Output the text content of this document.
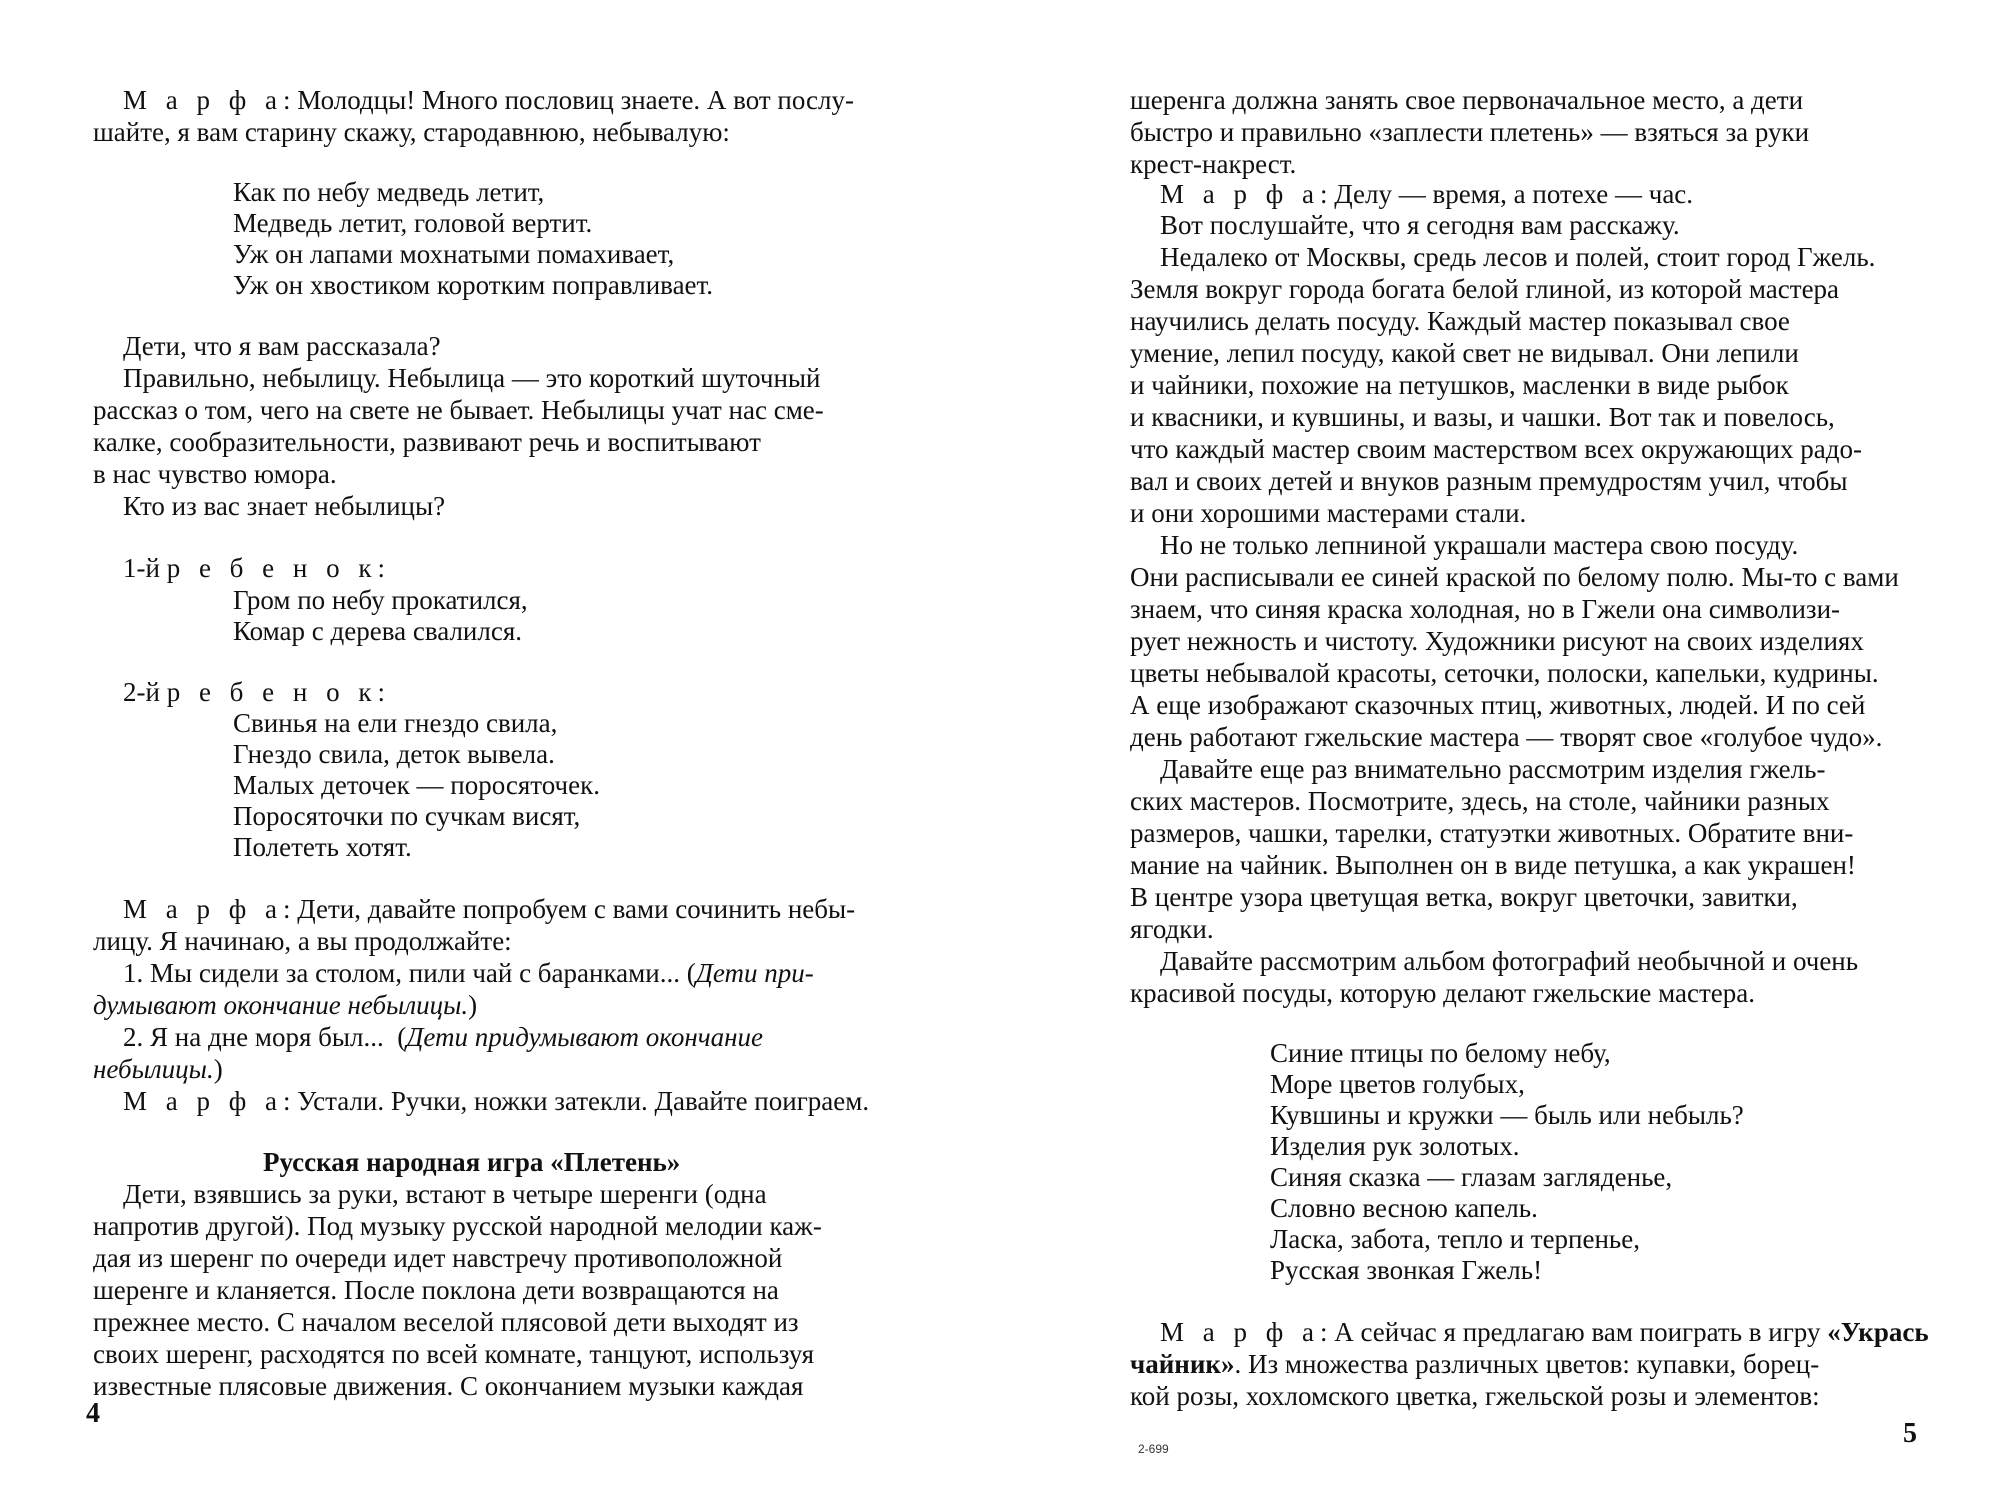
М а р ф а: Молодцы! Много пословиц знаете. А вот послу-
шайте, я вам старину скажу, стародавнюю, небывалую:
Как по небу медведь летит,
Медведь летит, головой вертит.
Уж он лапами мохнатыми помахивает,
Уж он хвостиком коротким поправливает.
Дети, что я вам рассказала?
Правильно, небылицу. Небылица — это короткий шуточный
рассказ о том, чего на свете не бывает. Небылицы учат нас сме-
калке, сообразительности, развивают речь и воспитывают
в нас чувство юмора.
Кто из вас знает небылицы?
1-й р е б е н о к:
Гром по небу прокатился,
Комар с дерева свалился.
2-й р е б е н о к:
Свинья на ели гнездо свила,
Гнездо свила, деток вывела.
Малых деточек — поросяточек.
Поросяточки по сучкам висят,
Полететь хотят.
М а р ф а: Дети, давайте попробуем с вами сочинить небы-
лицу. Я начинаю, а вы продолжайте:
1. Мы сидели за столом, пили чай с баранками... (Дети при-
думывают окончание небылицы.)
2. Я на дне моря был...  (Дети придумывают окончание
небылицы.)
М а р ф а: Устали. Ручки, ножки затекли. Давайте поиграем.
Русская народная игра «Плетень»
Дети, взявшись за руки, встают в четыре шеренги (одна
напротив другой). Под музыку русской народной мелодии каж-
дая из шеренг по очереди идет навстречу противоположной
шеренге и кланяется. После поклона дети возвращаются на
прежнее место. С началом веселой плясовой дети выходят из
своих шеренг, расходятся по всей комнате, танцуют, используя
известные плясовые движения. С окончанием музыки каждая
4
шеренга должна занять свое первоначальное место, а дети
быстро и правильно «заплести плетень» — взяться за руки
крест-накрест.
М а р ф а: Делу — время, а потехе — час.
Вот послушайте, что я сегодня вам расскажу.
Недалеко от Москвы, средь лесов и полей, стоит город Гжель.
Земля вокруг города богата белой глиной, из которой мастера
научились делать посуду. Каждый мастер показывал свое
умение, лепил посуду, какой свет не видывал. Они лепили
и чайники, похожие на петушков, масленки в виде рыбок
и квасники, и кувшины, и вазы, и чашки. Вот так и повелось,
что каждый мастер своим мастерством всех окружающих радо-
вал и своих детей и внуков разным премудростям учил, чтобы
и они хорошими мастерами стали.
Но не только лепниной украшали мастера свою посуду.
Они расписывали ее синей краской по белому полю. Мы-то с вами
знаем, что синяя краска холодная, но в Гжели она символизи-
рует нежность и чистоту. Художники рисуют на своих изделиях
цветы небывалой красоты, сеточки, полоски, капельки, кудрины.
А еще изображают сказочных птиц, животных, людей. И по сей
день работают гжельские мастера — творят свое «голубое чудо».
Давайте еще раз внимательно рассмотрим изделия гжель-
ских мастеров. Посмотрите, здесь, на столе, чайники разных
размеров, чашки, тарелки, статуэтки животных. Обратите вни-
мание на чайник. Выполнен он в виде петушка, а как украшен!
В центре узора цветущая ветка, вокруг цветочки, завитки,
ягодки.
Давайте рассмотрим альбом фотографий необычной и очень
красивой посуды, которую делают гжельские мастера.
Синие птицы по белому небу,
Море цветов голубых,
Кувшины и кружки — быль или небыль?
Изделия рук золотых.
Синяя сказка — глазам загляденье,
Словно весною капель.
Ласка, забота, тепло и терпенье,
Русская звонкая Гжель!
М а р ф а: А сейчас я предлагаю вам поиграть в игру «Укрась
чайник». Из множества различных цветов: купавки, борец-
кой розы, хохломского цветка, гжельской розы и элементов:
2-699	5
